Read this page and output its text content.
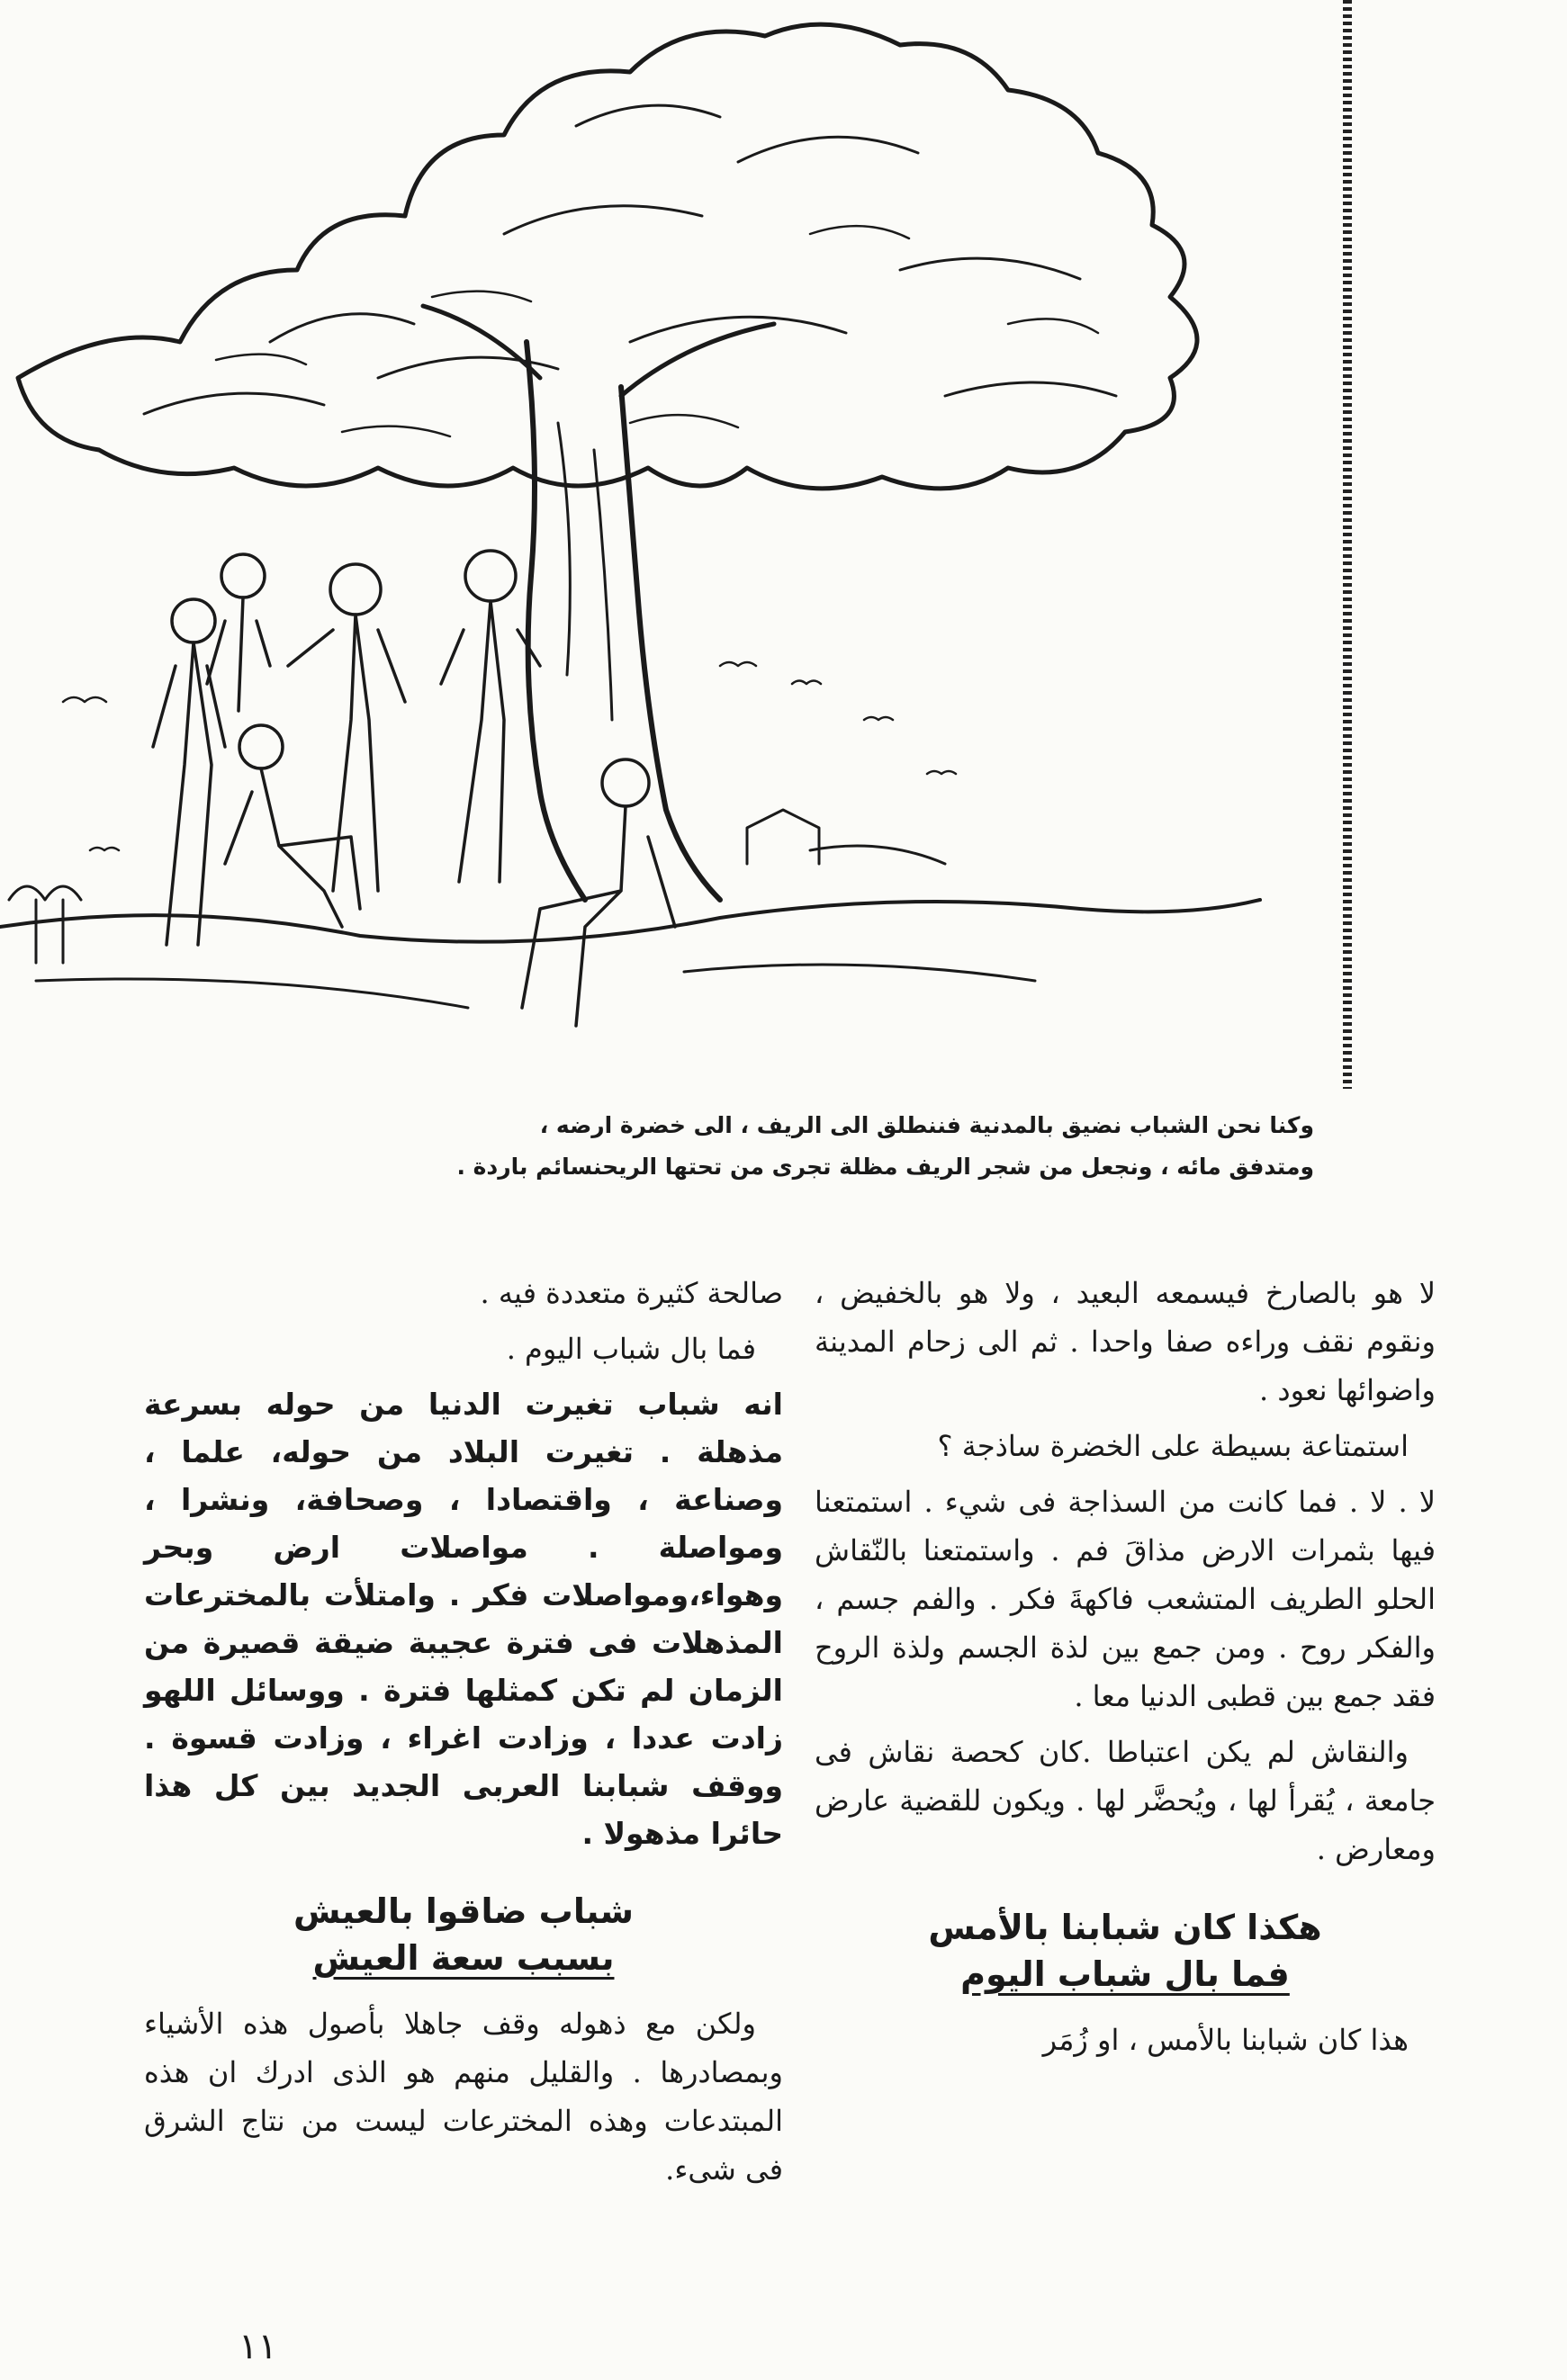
وكنا نحن الشباب نضيق بالمدنية فننطلق الى الريف ، الى خضرة ارضه ،
ومتدفق مائه ، ونجعل من شجر الريف مظلة تجرى من تحتها الريحنسائم باردة .

لا هو بالصارخ فيسمعه البعيد ، ولا هو بالخفيض ، ونقوم نقف وراءه صفا واحدا . ثم الى زحام المدينة واضوائها نعود .

استمتاعة بسيطة على الخضرة ساذجة ؟

لا . لا . فما كانت من السذاجة فى شيء . استمتعنا فيها بثمرات الارض مذاقَ فم . واستمتعنا بالنّقاش الحلو الطريف المتشعب فاكهةَ فكر . والفم جسم ، والفكر روح . ومن جمع بين لذة الجسم ولذة الروح فقد جمع بين قطبى الدنيا معا .

والنقاش لم يكن اعتباطا .كان كحصة نقاش فى جامعة ، يُقرأ لها ، ويُحضَّر لها . ويكون للقضية عارض ومعارض .

هكذا كان شبابنا بالأمس
فما بال شباب اليوم

هذا كان شبابنا بالأمس ، او زُمَر

صالحة كثيرة متعددة فيه .

فما بال شباب اليوم .

انه شباب تغيرت الدنيا من حوله بسرعة مذهلة . تغيرت البلاد من حوله، علما ، وصناعة ، واقتصادا ، وصحافة، ونشرا ، ومواصلة . مواصلات ارض وبحر وهواء،ومواصلات فكر . وامتلأت بالمخترعات المذهلات فى فترة عجيبة ضيقة قصيرة من الزمان لم تكن كمثلها فترة . ووسائل اللهو زادت عددا ، وزادت اغراء ، وزادت قسوة . ووقف شبابنا العربى الجديد بين كل هذا حائرا مذهولا .

شباب ضاقوا بالعيش
بسبب سعة العيش

ولكن مع ذهوله وقف جاهلا بأصول هذه الأشياء وبمصادرها . والقليل منهم هو الذى ادرك ان هذه المبتدعات وهذه المخترعات ليست من نتاج الشرق فى شىء.

١١
